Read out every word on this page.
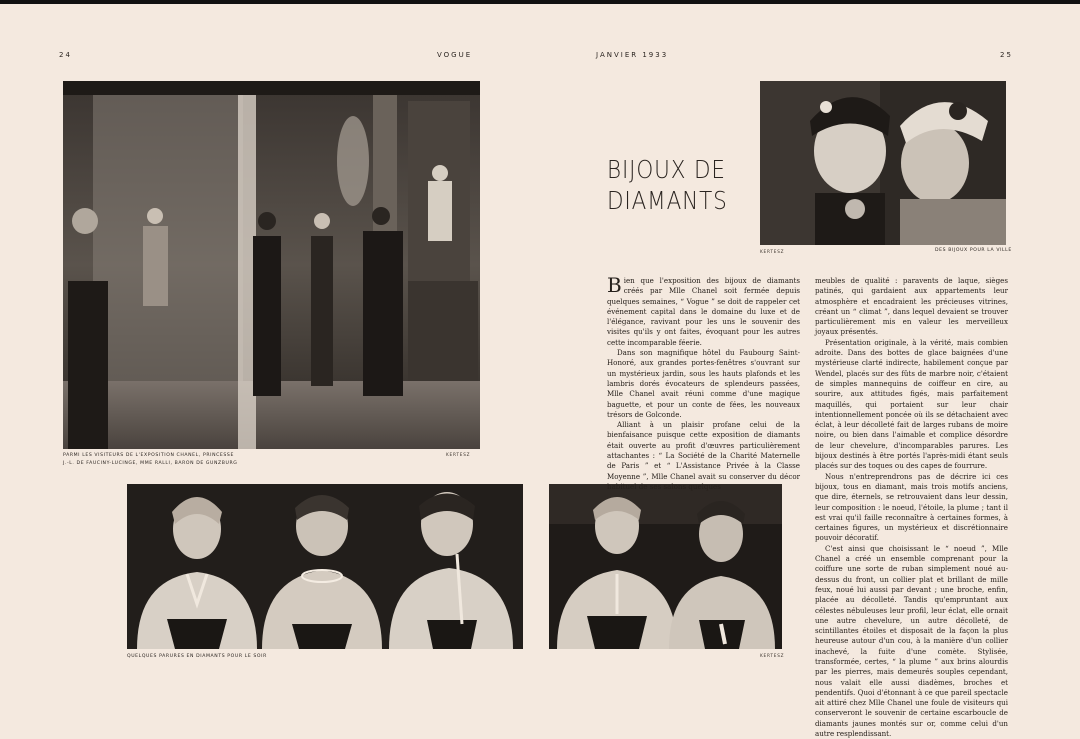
24	VOGUE	JANVIER 1933	25
PARMI LES VISITEURS DE L'EXPOSITION CHANEL, PRINCESSE
J.-L. DE FAUCINY-LUCINGE, MME RALLI, BARON DE GUNZBURG
KERTESZ
BIJOUX DE
DIAMANTS
KERTESZ	DES BIJOUX POUR LA VILLE
QUELQUES PARURES EN DIAMANTS POUR LE SOIR	KERTESZ

Bien que l'exposition des bijoux de diamants créés par Mlle Chanel soit fermée depuis quelques semaines, “ Vogue ” se doit de rappeler cet événement capital dans le domaine du luxe et de l'élégance, ravivant pour les uns le souvenir des visites qu'ils y ont faites, évoquant pour les autres cette incomparable féerie.

Dans son magnifique hôtel du Faubourg Saint-Honoré, aux grandes portes-fenêtres s'ouvrant sur un mystérieux jardin, sous les hauts plafonds et les lambris dorés évocateurs de splendeurs passées, Mlle Chanel avait réuni comme d'une magique baguette, et pour un conte de fées, les nouveaux trésors de Golconde.

Alliant à un plaisir profane celui de la bienfaisance puisque cette exposition de diamants était ouverte au profit d'œuvres particulièrement attachantes : “ La Société de la Charité Maternelle de Paris ” et “ L'Assistance Privée à la Classe Moyenne ”, Mlle Chanel avait su conserver du décor habituel de ses salons quelques

meubles de qualité : paravents de laque, sièges patinés, qui gardaient aux appartements leur atmosphère et encadraient les précieuses vitrines, créant un “ climat ”, dans lequel devaient se trouver particulièrement mis en valeur les merveilleux joyaux présentés.

Présentation originale, à la vérité, mais combien adroite. Dans des bottes de glace baignées d'une mystérieuse clarté indirecte, habilement conçue par Wendel, placés sur des fûts de marbre noir, c'étaient de simples mannequins de coiffeur en cire, au sourire, aux attitudes figés, mais parfaitement maquillés, qui portaient sur leur chair intentionnellement poncée où ils se détachaient avec éclat, à leur décolleté fait de larges rubans de moire noire, ou bien dans l'aimable et complice désordre de leur chevelure, d'incomparables parures. Les bijoux destinés à être portés l'après-midi étant seuls placés sur des toques ou des capes de fourrure.

Nous n'entreprendrons pas de décrire ici ces bijoux, tous en diamant, mais trois motifs anciens, que dire, éternels, se retrouvaient dans leur dessin, leur composition : le noeud, l'étoile, la plume ; tant il est vrai qu'il faille reconnaître à certaines formes, à certaines figures, un mystérieux et discrétionnaire pouvoir décoratif.

C'est ainsi que choisissant le “ noeud ”, Mlle Chanel a créé un ensemble comprenant pour la coiffure une sorte de ruban simplement noué au-dessus du front, un collier plat et brillant de mille feux, noué lui aussi par devant ; une broche, enfin, placée au décolleté. Tandis qu'empruntant aux célestes nébuleuses leur profil, leur éclat, elle ornait une autre chevelure, un autre décolleté, de scintillantes étoiles et disposait de la façon la plus heureuse autour d'un cou, à la manière d'un collier inachevé, la fuite d'une comète. Stylisée, transformée, certes, “ la plume ” aux brins alourdis par les pierres, mais demeurés souples cependant, nous valait elle aussi diadèmes, broches et pendentifs. Quoi d'étonnant à ce que pareil spectacle ait attiré chez Mlle Chanel une foule de visiteurs qui conserveront le souvenir de certaine escarboucle de diamants jaunes montés sur or, comme celui d'un autre resplendissant.
